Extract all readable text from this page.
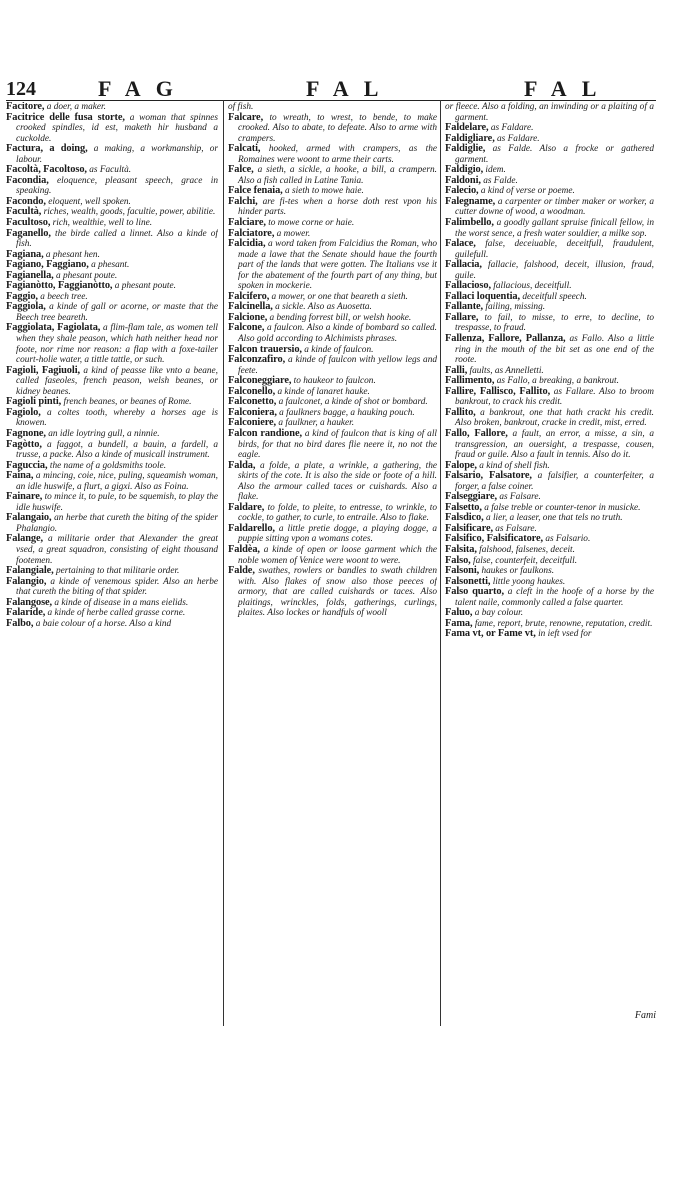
124	FAG	FAL	FAL
Facitore, a doer, a maker.
Facitrice delle fusa storte, a woman that spinnes crooked spindles, id est, maketh hir husband a cuckolde.
Factura, a doing, a making, a workmanship, or labour.
Facoltà, Facoltoso, as Facultà.
Facondia, eloquence, pleasant speech, grace in speaking.
Facondo, eloquent, well spoken.
Facultà, riches, wealth, goods, facultie, power, abilitie.
Facultoso, rich, wealthie, well to line.
Faganello, the birde called a linnet. Also a kinde of fish.
Fagiana, a phesant hen.
Fagiano, Faggiano, a phesant.
Fagianella, a phesant poute.
Fagianòtto, Faggianòtto, a phesant poute.
Faggio, a beech tree.
Faggiola, a kinde of gall or acorne, or maste that the Beech tree beareth.
Faggiolata, Fagiolata, a flim-flam tale, as women tell when they shale peason, which hath neither head nor foote, nor rime nor reason: a flap with a foxe-tailer court-holie water, a tittle tattle, or such.
Fagioli, Fagiuoli, a kind of peasse like vnto a beane, called faseoles, french peason, welsh beanes, or kidney beanes.
Fagioli pinti, french beanes, or beanes of Rome.
Fagiolo, a coltes tooth, whereby a horses age is knowen.
Fagnone, an idle loytring gull, a ninnie.
Fagòtto, a faggot, a bundell, a bauin, a fardell, a trusse, a packe. Also a kinde of musicall instrument.
Faguccia, the name of a goldsmiths toole.
Faina, a mincing, coie, nice, puling, squeamish woman, an idle huswife, a flurt, a gigxi. Also as Foina.
Fainare, to mince it, to pule, to be squemish, to play the idle huswife.
Falangaio, an herbe that cureth the biting of the spider Phalangio.
Falange, a militarie order that Alexander the great vsed, a great squadron, consisting of eight thousand footemen.
Falangiale, pertaining to that militarie order.
Falangio, a kinde of venemous spider. Also an herbe that cureth the biting of that spider.
Falangose, a kinde of disease in a mans eielids.
Falaride, a kinde of herbe called grasse corne.
Falbo, a baie colour of a horse. Also a kind
of fish.
Falcare, to wreath, to wrest, to bende, to make crooked. Also to abate, to defeate. Also to arme with crampers.
Falcati, hooked, armed with crampers, as the Romaines were woont to arme their carts.
Falce, a sieth, a sickle, a hooke, a bill, a crampern. Also a fish called in Latine Tania.
Falce fenaia, a sieth to mowe haie.
Falchi, are fi-tes when a horse doth rest vpon his hinder parts.
Falciare, to mowe corne or haie.
Falciatore, a mower.
Falcidia, a word taken from Falcidius the Roman, who made a lawe that the Senate should haue the fourth part of the lands that were gotten. The Italians vse it for the abatement of the fourth part of any thing, but spoken in mockerie.
Falcifero, a mower, or one that beareth a sieth.
Falcinella, a sickle. Also as Auosetta.
Falcione, a bending forrest bill, or welsh hooke.
Falcone, a faulcon. Also a kinde of bombard so called. Also gold according to Alchimists phrases.
Falcon trauersio, a kinde of faulcon.
Falconzafiro, a kinde of faulcon with yellow legs and feete.
Falconeggiare, to haukeor to faulcon.
Falconello, a kinde of lanaret hauke.
Falconetto, a faulconet, a kinde of shot or bombard.
Falconiera, a faulkners bagge, a hauking pouch.
Falconiere, a faulkner, a hauker.
Falcon randione, a kind of faulcon that is king of all birds, for that no bird dares flie neere it, no not the eagle.
Falda, a folde, a plate, a wrinkle, a gathering, the skirts of the cote. It is also the side or foote of a hill. Also the armour called taces or cuishards. Also a flake.
Faldare, to folde, to pleite, to entresse, to wrinkle, to cockle, to gather, to curle, to entraile. Also to flake.
Faldarello, a little pretie dogge, a playing dogge, a puppie sitting vpon a womans cotes.
Faldèa, a kinde of open or loose garment which the noble women of Venice were woont to were.
Falde, swathes, rowlers or bandles to swath children with. Also flakes of snow also those peeces of armory, that are called cuishards or taces. Also plaitings, wrinckles, folds, gatherings, curlings, plaites. Also lockes or handfuls of wooll
or fleece. Also a folding, an inwinding or a plaiting of a garment.
Faldelare, as Faldare.
Faldigliare, as Faldare.
Faldiglie, as Falde. Also a frocke or gathered garment.
Faldigio, idem.
Faldoni, as Falde.
Falecio, a kind of verse or poeme.
Falegname, a carpenter or timber maker or worker, a cutter downe of wood, a woodman.
Falimbello, a goodly gallant spruise finicall fellow, in the worst sence, a fresh water souldier, a milke sop.
Falace, false, deceiuable, deceitfull, fraudulent, guilefull.
Fallacia, fallacie, falshood, deceit, illusion, fraud, guile.
Fallacioso, fallacious, deceitfull.
Fallaci loquentia, deceitfull speech.
Fallante, failing, missing.
Fallare, to fail, to misse, to erre, to decline, to trespasse, to fraud.
Fallenza, Fallore, Pallanza, as Fallo. Also a little ring in the mouth of the bit set as one end of the roote.
Falli, faults, as Annelletti.
Fallimento, as Fallo, a breaking, a bankrout.
Fallire, Fallisco, Fallito, as Fallare. Also to broom bankrout, to crack his credit.
Fallito, a bankrout, one that hath crackt his credit. Also broken, bankrout, cracke in credit, mist, erred.
Fallo, Fallore, a fault, an error, a misse, a sin, a transgression, an ouersight, a trespasse, cousen, fraud or guile. Also a fault in tennis. Also do it.
Falope, a kind of shell fish.
Falsario, Falsatore, a falsifier, a counterfeiter, a forger, a false coiner.
Falseggiare, as Falsare.
Falsetto, a false treble or counter-tenor in musicke.
Falsdico, a lier, a leaser, one that tels no truth.
Falsificare, as Falsare.
Falsifico, Falsificatore, as Falsario.
Falsita, falshood, falsenes, deceit.
Falso, false, counterfeit, deceitfull.
Falsoni, haukes or faulkons.
Falsonetti, little yoong haukes.
Falso quarto, a cleft in the hoofe of a horse by the talent naile, commonly called a false quarter.
Faluo, a bay colour.
Fama, fame, report, brute, renowne, reputation, credit.
Fama vt, or Fame vt, in ieft vsed for
Fami
